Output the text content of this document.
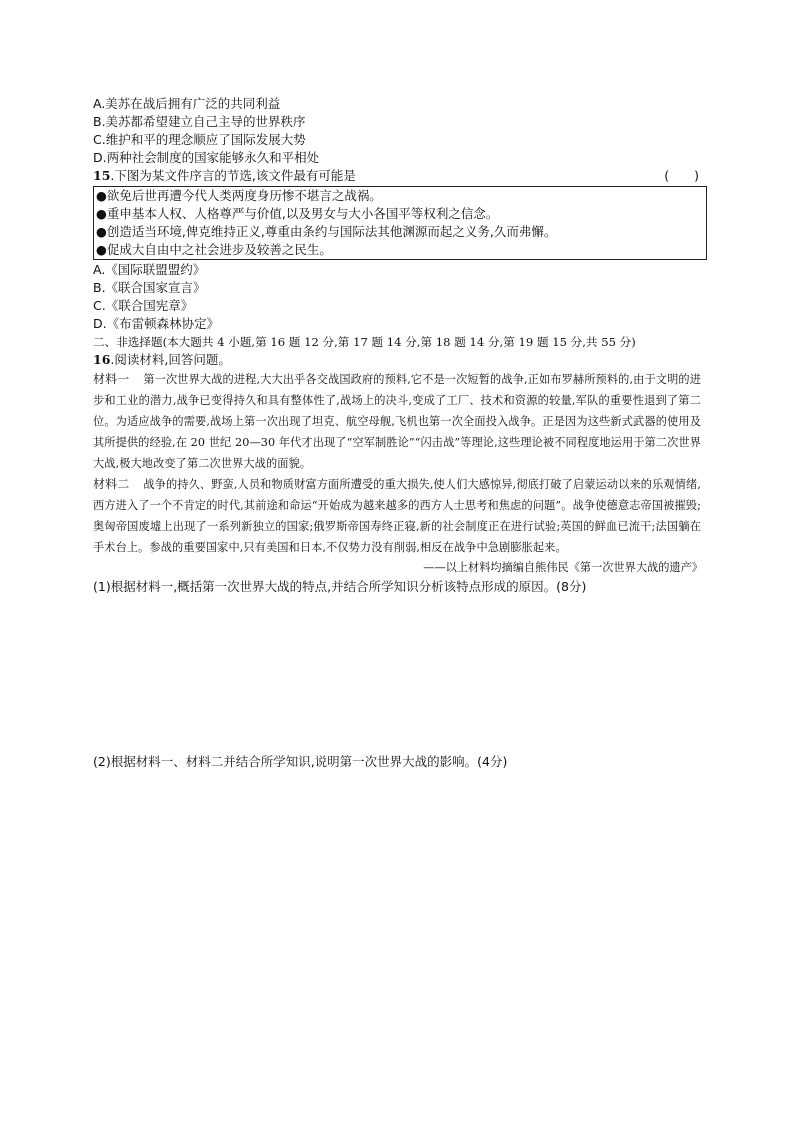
A.美苏在战后拥有广泛的共同利益
B.美苏都希望建立自己主导的世界秩序
C.维护和平的理念顺应了国际发展大势
D.两种社会制度的国家能够永久和平相处
15.下图为某文件序言的节选,该文件最有可能是	(　　)
●欲免后世再遭今代人类两度身历惨不堪言之战祸。
●重申基本人权、人格尊严与价值,以及男女与大小各国平等权利之信念。
●创造适当环境,俾克维持正义,尊重由条约与国际法其他渊源而起之义务,久而弗懈。
●促成大自由中之社会进步及较善之民生。
A.《国际联盟盟约》
B.《联合国家宣言》
C.《联合国宪章》
D.《布雷顿森林协定》
二、非选择题(本大题共 4 小题,第 16 题 12 分,第 17 题 14 分,第 18 题 14 分,第 19 题 15 分,共 55 分)
16.阅读材料,回答问题。
材料一 第一次世界大战的进程,大大出乎各交战国政府的预料,它不是一次短暂的战争,正如布罗赫所预料的,由于文明的进步和工业的潜力,战争已变得持久和具有整体性了,战场上的决斗,变成了工厂、技术和资源的较量,军队的重要性退到了第二位。为适应战争的需要,战场上第一次出现了坦克、航空母舰,飞机也第一次全面投入战争。正是因为这些新式武器的使用及其所提供的经验,在 20 世纪 20—30 年代才出现了“空军制胜论”“闪击战”等理论,这些理论被不同程度地运用于第二次世界大战,极大地改变了第二次世界大战的面貌。
材料二 战争的持久、野蛮,人员和物质财富方面所遭受的重大损失,使人们大感惊异,彻底打破了启蒙运动以来的乐观情绪,西方进入了一个不肯定的时代,其前途和命运“开始成为越来越多的西方人士思考和焦虑的问题”。战争使德意志帝国被摧毁;奥匈帝国废墟上出现了一系列新独立的国家;俄罗斯帝国寿终正寝,新的社会制度正在进行试验;英国的鲜血已流干;法国躺在手术台上。参战的重要国家中,只有美国和日本,不仅势力没有削弱,相反在战争中急剧膨胀起来。
——以上材料均摘编自熊伟民《第一次世界大战的遗产》
(1)根据材料一,概括第一次世界大战的特点,并结合所学知识分析该特点形成的原因。(8分)
(2)根据材料一、材料二并结合所学知识,说明第一次世界大战的影响。(4分)
